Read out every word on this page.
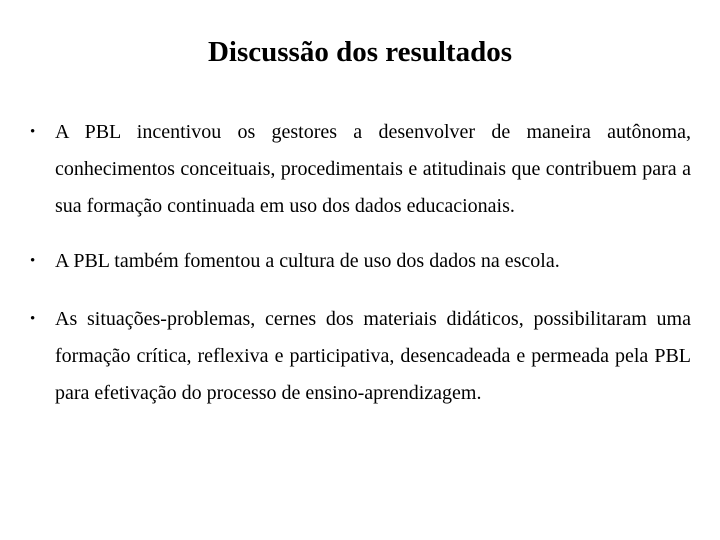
Discussão dos resultados
• A PBL incentivou os gestores a desenvolver de maneira autônoma, conhecimentos conceituais, procedimentais e atitudinais que contribuem para a sua formação continuada em uso dos dados educacionais.
• A PBL também fomentou a cultura de uso dos dados na escola.
• As situações-problemas, cernes dos materiais didáticos, possibilitaram uma formação crítica, reflexiva e participativa, desencadeada e permeada pela PBL para efetivação do processo de ensino-aprendizagem.
